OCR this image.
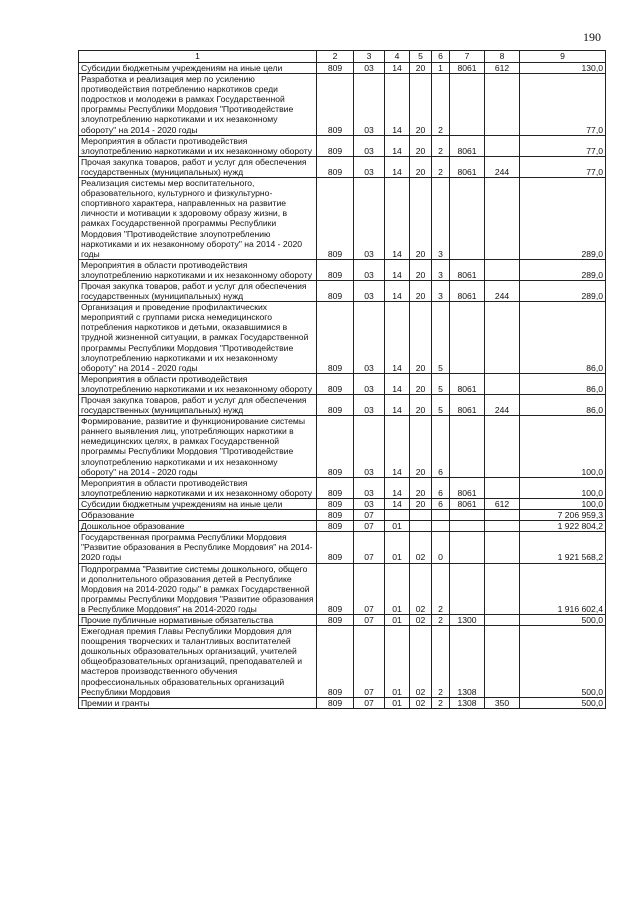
190
1	2	3	4	5	6	7	8	9
Субсидии бюджетным учреждениям на иные цели	809	03	14	20	1	8061	612	130,0
Разработка и реализация мер по усилению противодействия потреблению наркотиков среди подростков и молодежи в рамках Государственной программы Республики Мордовия "Противодействие злоупотреблению наркотиками и их незаконному обороту" на 2014 - 2020 годы	809	03	14	20	2			77,0
Мероприятия в области противодействия злоупотреблению наркотиками и их незаконному обороту	809	03	14	20	2	8061		77,0
Прочая закупка товаров, работ и услуг для обеспечения государственных (муниципальных) нужд	809	03	14	20	2	8061	244	77,0
Реализация системы мер воспитательного, образовательного, культурного и физкультурно-спортивного характера, направленных на развитие личности и мотивации к здоровому образу жизни, в рамках Государственной программы Республики Мордовия "Противодействие злоупотреблению наркотиками и их незаконному обороту" на 2014 - 2020 годы	809	03	14	20	3			289,0
Мероприятия в области противодействия злоупотреблению наркотиками и их незаконному обороту	809	03	14	20	3	8061		289,0
Прочая закупка товаров, работ и услуг для обеспечения государственных (муниципальных) нужд	809	03	14	20	3	8061	244	289,0
Организация и проведение профилактических мероприятий с группами риска немедицинского потребления наркотиков и детьми, оказавшимися в трудной жизненной ситуации, в рамках Государственной программы Республики Мордовия "Противодействие злоупотреблению наркотиками и их незаконному обороту" на 2014 - 2020 годы	809	03	14	20	5			86,0
Мероприятия в области противодействия злоупотреблению наркотиками и их незаконному обороту	809	03	14	20	5	8061		86,0
Прочая закупка товаров, работ и услуг для обеспечения государственных (муниципальных) нужд	809	03	14	20	5	8061	244	86,0
Формирование, развитие и функционирование системы раннего выявления лиц, употребляющих наркотики в немедицинских целях, в рамках Государственной программы Республики Мордовия "Противодействие злоупотреблению наркотиками и их незаконному обороту" на 2014 - 2020 годы	809	03	14	20	6			100,0
Мероприятия в области противодействия злоупотреблению наркотиками и их незаконному обороту	809	03	14	20	6	8061		100,0
Субсидии бюджетным учреждениям на иные цели	809	03	14	20	6	8061	612	100,0
Образование	809	07						7 206 959,3
Дошкольное образование	809	07	01					1 922 804,2
Государственная программа Республики Мордовия "Развитие образования в Республике Мордовия" на 2014-2020 годы	809	07	01	02	0			1 921 568,2
Подпрограмма "Развитие системы дошкольного, общего и дополнительного образования детей в Республике Мордовия на 2014-2020 годы" в рамках Государственной программы Республики Мордовия "Развитие образования в Республике Мордовия" на 2014-2020 годы	809	07	01	02	2			1 916 602,4
Прочие публичные нормативные обязательства	809	07	01	02	2	1300		500,0
Ежегодная премия Главы Республики Мордовия для поощрения творческих и талантливых воспитателей дошкольных образовательных организаций, учителей общеобразовательных организаций, преподавателей и мастеров производственного обучения профессиональных образовательных организаций Республики Мордовия	809	07	01	02	2	1308		500,0
Премии и гранты	809	07	01	02	2	1308	350	500,0
